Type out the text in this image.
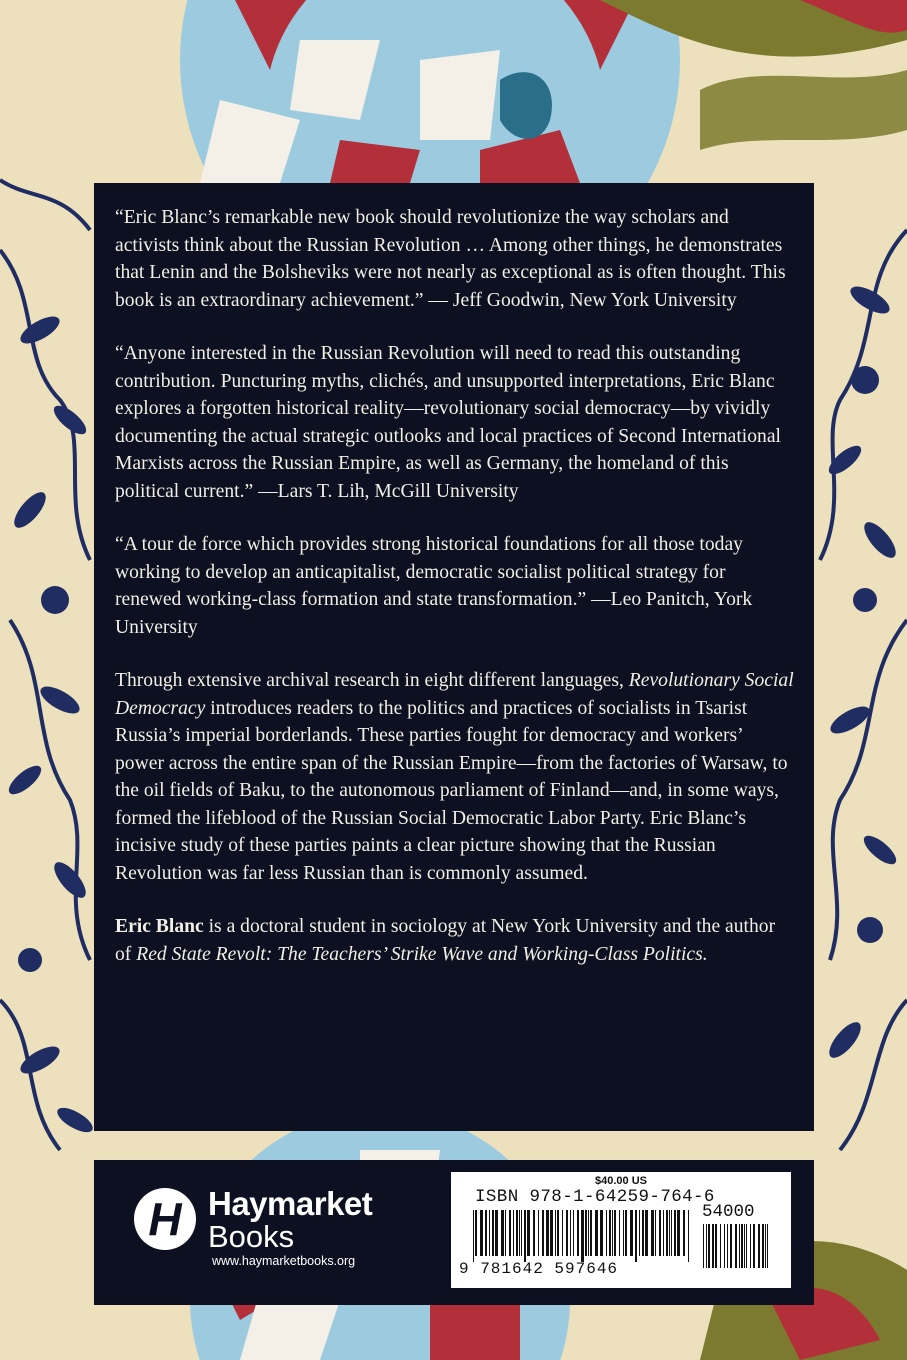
“Eric Blanc’s remarkable new book should revolutionize the way scholars and activists think about the Russian Revolution … Among other things, he demonstrates that Lenin and the Bolsheviks were not nearly as exceptional as is often thought. This book is an extraordinary achievement.” — Jeff Goodwin, New York University

“Anyone interested in the Russian Revolution will need to read this outstanding contribution. Puncturing myths, clichés, and unsupported interpretations, Eric Blanc explores a forgotten historical reality—revolutionary social democracy—by vividly documenting the actual strategic outlooks and local practices of Second International Marxists across the Russian Empire, as well as Germany, the homeland of this political current.” —Lars T. Lih, McGill University

“A tour de force which provides strong historical foundations for all those today working to develop an anticapitalist, democratic socialist political strategy for renewed working-class formation and state transformation.” —Leo Panitch, York University

Through extensive archival research in eight different languages, Revolutionary Social Democracy introduces readers to the politics and practices of socialists in Tsarist Russia’s imperial borderlands. These parties fought for democracy and workers’ power across the entire span of the Russian Empire—from the factories of Warsaw, to the oil fields of Baku, to the autonomous parliament of Finland—and, in some ways, formed the lifeblood of the Russian Social Democratic Labor Party. Eric Blanc’s incisive study of these parties paints a clear picture showing that the Russian Revolution was far less Russian than is commonly assumed.

Eric Blanc is a doctoral student in sociology at New York University and the author of Red State Revolt: The Teachers’ Strike Wave and Working-Class Politics.

H Haymarket
Books
www.haymarketbooks.org
$40.00 US
ISBN 978-1-64259-764-6
54000
9 781642 597646
